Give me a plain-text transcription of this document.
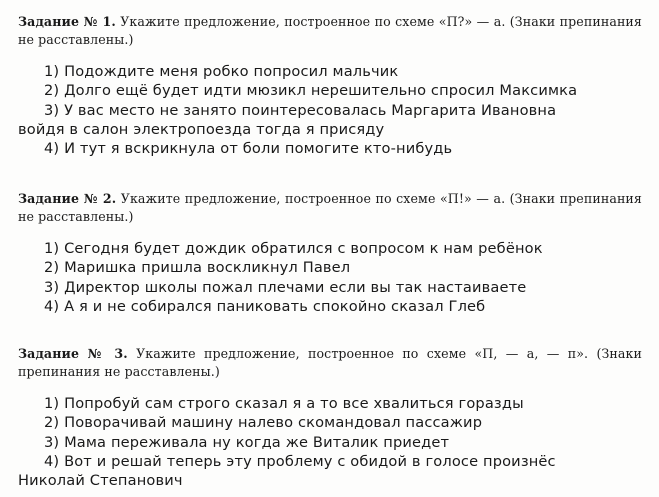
Задание № 1. Укажите предложение, построенное по схеме «П?» — а. (Знаки препинания не расставлены.)

1) Подождите меня робко попросил мальчик
2) Долго ещё будет идти мюзикл нерешительно спросил Максимка
3) У вас место не занято поинтересовалась Маргарита Ивановна
войдя в салон электропоезда тогда я присяду
4) И тут я вскрикнула от боли помогите кто-нибудь

Задание № 2. Укажите предложение, построенное по схеме «П!» — а. (Знаки препинания не расставлены.)

1) Сегодня будет дождик обратился с вопросом к нам ребёнок
2) Маришка пришла воскликнул Павел
3) Директор школы пожал плечами если вы так настаиваете
4) А я и не собирался паниковать спокойно сказал Глеб

Задание № 3. Укажите предложение, построенное по схеме «П, — а, — п». (Знаки препинания не расставлены.)

1) Попробуй сам строго сказал я а то все хвалиться горазды
2) Поворачивай машину налево скомандовал пассажир
3) Мама переживала ну когда же Виталик приедет
4) Вот и решай теперь эту проблему с обидой в голосе произнёс
Николай Степанович
